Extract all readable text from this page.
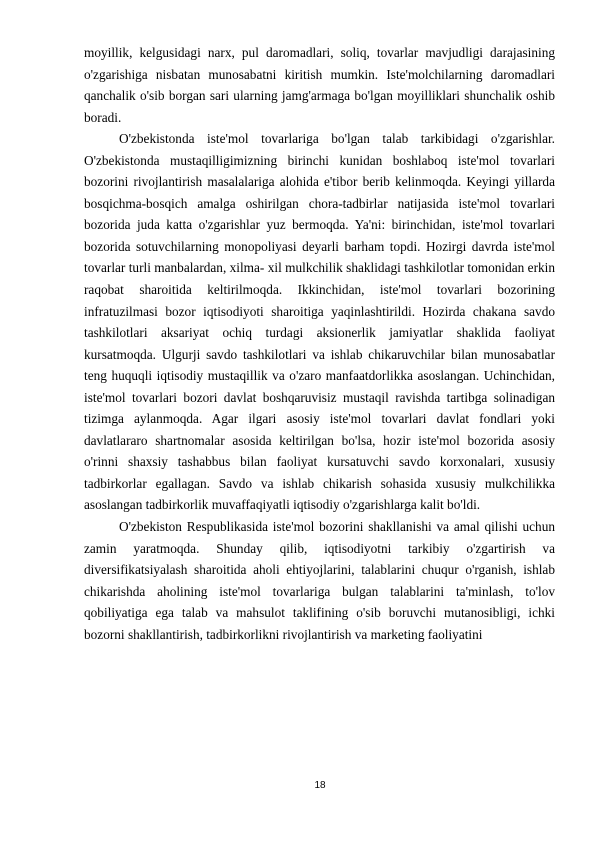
moyillik, kelgusidagi narx, pul daromadlari, soliq, tovarlar mavjudligi darajasining o'zgarishiga nisbatan munosabatni kiritish mumkin. Iste'molchilarning daromadlari qanchalik o'sib borgan sari ularning jamg'armaga bo'lgan moyilliklari shunchalik oshib boradi.

O'zbekistonda iste'mol tovarlariga bo'lgan talab tarkibidagi o'zgarishlar. O'zbekistonda mustaqilligimizning birinchi kunidan boshlaboq iste'mol tovarlari bozorini rivojlantirish masalalariga alohida e'tibor berib kelinmoqda. Keyingi yillarda bosqichma-bosqich amalga oshirilgan chora-tadbirlar natijasida iste'mol tovarlari bozorida juda katta o'zgarishlar yuz bermoqda. Ya'ni: birinchidan, iste'mol tovarlari bozorida sotuvchilarning monopoliyasi deyarli barham topdi. Hozirgi davrda iste'mol tovarlar turli manbalardan, xilma- xil mulkchilik shaklidagi tashkilotlar tomonidan erkin raqobat sharoitida keltirilmoqda. Ikkinchidan, iste'mol tovarlari bozorining infratuzilmasi bozor iqtisodiyoti sharoitiga yaqinlashtirildi. Hozirda chakana savdo tashkilotlari aksariyat ochiq turdagi aksionerlik jamiyatlar shaklida faoliyat kursatmoqda. Ulgurji savdo tashkilotlari va ishlab chikaruvchilar bilan munosabatlar teng huquqli iqtisodiy mustaqillik va o'zaro manfaatdorlikka asoslangan. Uchinchidan, iste'mol tovarlari bozori davlat boshqaruvisiz mustaqil ravishda tartibga solinadigan tizimga aylanmoqda. Agar ilgari asosiy iste'mol tovarlari davlat fondlari yoki davlatlararo shartnomalar asosida keltirilgan bo'lsa, hozir iste'mol bozorida asosiy o'rinni shaxsiy tashabbus bilan faoliyat kursatuvchi savdo korxonalari, xususiy tadbirkorlar egallagan. Savdo va ishlab chikarish sohasida xususiy mulkchilikka asoslangan tadbirkorlik muvaffaqiyatli iqtisodiy o'zgarishlarga kalit bo'ldi.

O'zbekiston Respublikasida iste'mol bozorini shakllanishi va amal qilishi uchun zamin yaratmoqda. Shunday qilib, iqtisodiyotni tarkibiy o'zgartirish va diversifikatsiyalash sharoitida aholi ehtiyojlarini, talablarini chuqur o'rganish, ishlab chikarishda aholining iste'mol tovarlariga bulgan talablarini ta'minlash, to'lov qobiliyatiga ega talab va mahsulot taklifining o'sib boruvchi mutanosibligi, ichki bozorni shakllantirish, tadbirkorlikni rivojlantirish va marketing faoliyatini

18
